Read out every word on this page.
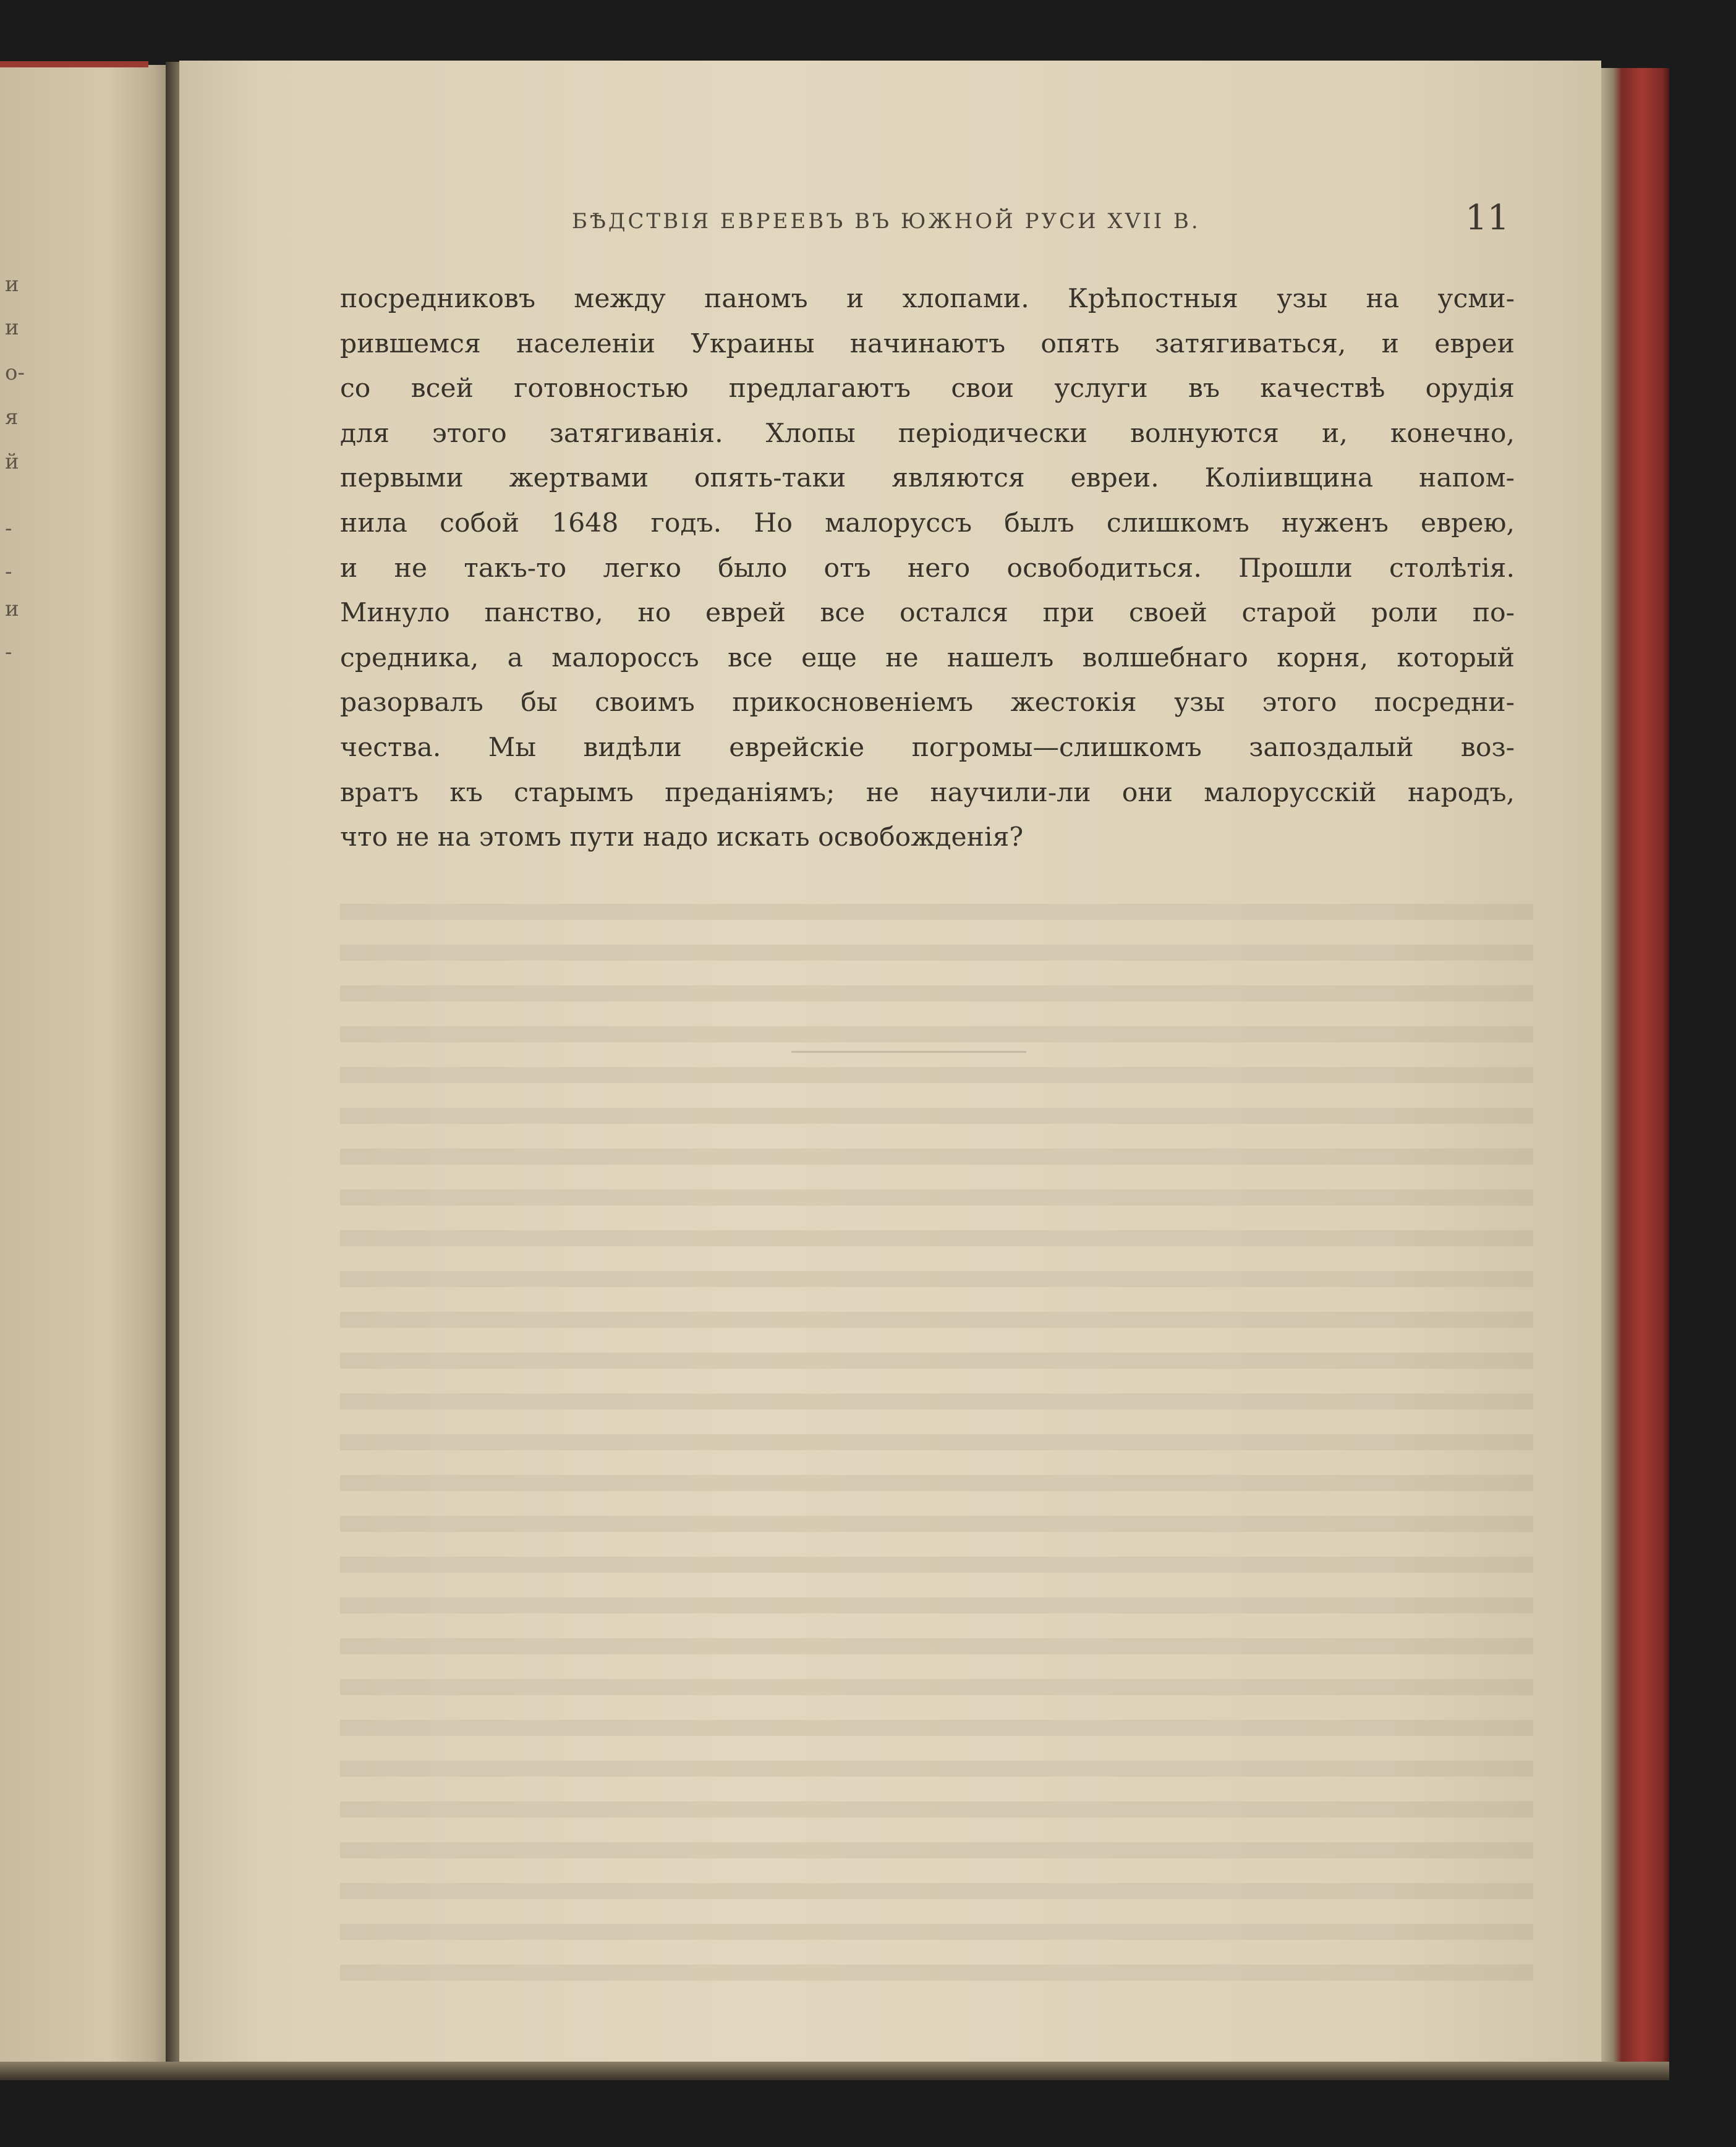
и
и
о-
я
й
-
-
и
-
БѢДСТВІЯ ЕВРЕЕВЪ ВЪ ЮЖНОЙ РУСИ XVII В.	11
посредниковъ между паномъ и хлопами. Крѣпостныя узы на усми-
рившемся населеніи Украины начинаютъ опять затягиваться, и евреи
со всей готовностью предлагаютъ свои услуги въ качествѣ орудія
для этого затягиванія. Хлопы періодически волнуются и, конечно,
первыми жертвами опять-таки являются евреи. Колiивщина напом-
нила собой 1648 годъ. Но малоруссъ былъ слишкомъ нуженъ еврею,
и не такъ-то легко было отъ него освободиться. Прошли столѣтія.
Минуло панство, но еврей все остался при своей старой роли по-
средника, а малороссъ все еще не нашелъ волшебнаго корня, который
разорвалъ бы своимъ прикосновеніемъ жестокія узы этого посредни-
чества. Мы видѣли еврейскіе погромы—слишкомъ запоздалый воз-
вратъ къ старымъ преданіямъ; не научили-ли они малорусскій народъ,
что не на этомъ пути надо искать освобожденія?
